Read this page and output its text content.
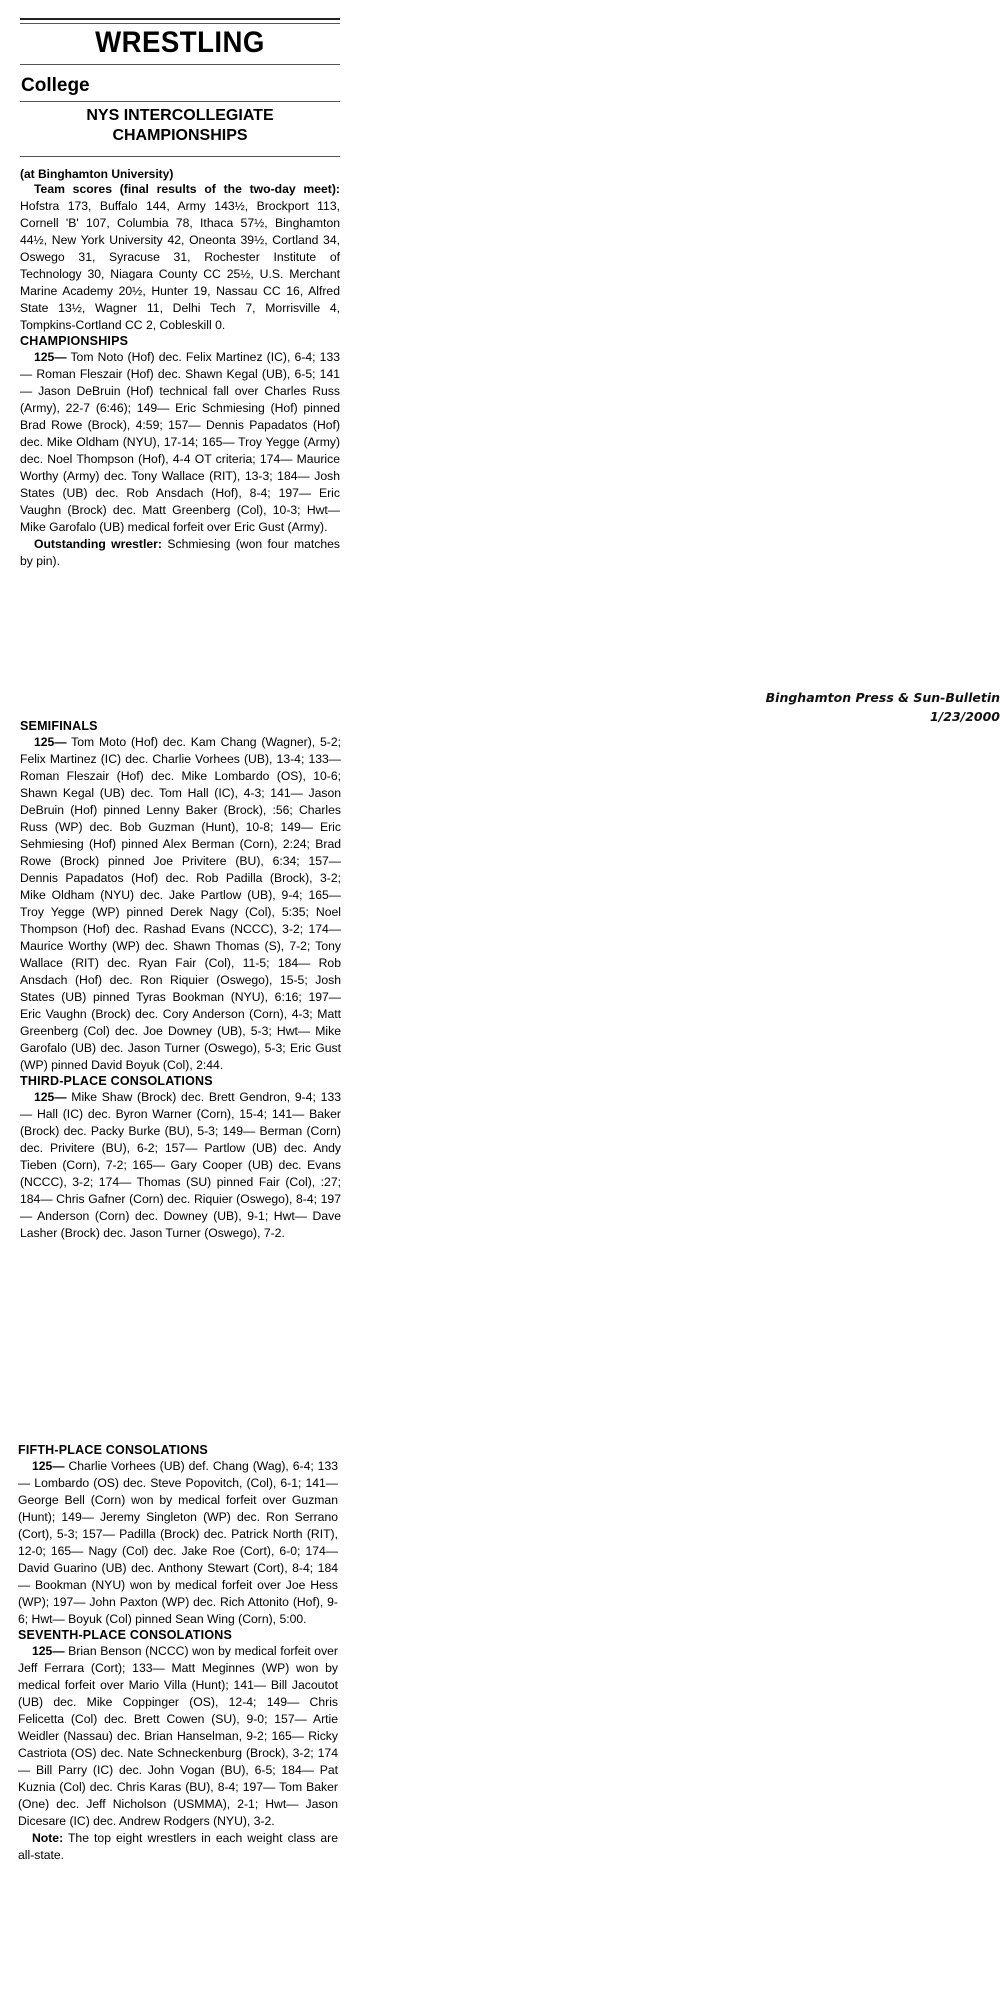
WRESTLING
College
NYS INTERCOLLEGIATE CHAMPIONSHIPS
(at Binghamton University)

Team scores (final results of the two-day meet): Hofstra 173, Buffalo 144, Army 143½, Brockport 113, Cornell 'B' 107, Columbia 78, Ithaca 57½, Binghamton 44½, New York University 42, Oneonta 39½, Cortland 34, Oswego 31, Syracuse 31, Rochester Institute of Technology 30, Niagara County CC 25½, U.S. Merchant Marine Academy 20½, Hunter 19, Nassau CC 16, Alfred State 13½, Wagner 11, Delhi Tech 7, Morrisville 4, Tompkins-Cortland CC 2, Cobleskill 0.

CHAMPIONSHIPS

125— Tom Noto (Hof) dec. Felix Martinez (IC), 6-4; 133— Roman Fleszair (Hof) dec. Shawn Kegal (UB), 6-5; 141— Jason DeBruin (Hof) technical fall over Charles Russ (Army), 22-7 (6:46); 149— Eric Schmiesing (Hof) pinned Brad Rowe (Brock), 4:59; 157— Dennis Papadatos (Hof) dec. Mike Oldham (NYU), 17-14; 165— Troy Yegge (Army) dec. Noel Thompson (Hof), 4-4 OT criteria; 174— Maurice Worthy (Army) dec. Tony Wallace (RIT), 13-3; 184— Josh States (UB) dec. Rob Ansdach (Hof), 8-4; 197— Eric Vaughn (Brock) dec. Matt Greenberg (Col), 10-3; Hwt— Mike Garofalo (UB) medical forfeit over Eric Gust (Army).

Outstanding wrestler: Schmiesing (won four matches by pin).

SEMIFINALS

125— Tom Moto (Hof) dec. Kam Chang (Wagner), 5-2; Felix Martinez (IC) dec. Charlie Vorhees (UB), 13-4; 133— Roman Fleszair (Hof) dec. Mike Lombardo (OS), 10-6; Shawn Kegal (UB) dec. Tom Hall (IC), 4-3; 141— Jason DeBruin (Hof) pinned Lenny Baker (Brock), :56; Charles Russ (WP) dec. Bob Guzman (Hunt), 10-8; 149— Eric Sehmiesing (Hof) pinned Alex Berman (Corn), 2:24; Brad Rowe (Brock) pinned Joe Privitere (BU), 6:34; 157— Dennis Papadatos (Hof) dec. Rob Padilla (Brock), 3-2; Mike Oldham (NYU) dec. Jake Partlow (UB), 9-4; 165— Troy Yegge (WP) pinned Derek Nagy (Col), 5:35; Noel Thompson (Hof) dec. Rashad Evans (NCCC), 3-2; 174— Maurice Worthy (WP) dec. Shawn Thomas (S), 7-2; Tony Wallace (RIT) dec. Ryan Fair (Col), 11-5; 184— Rob Ansdach (Hof) dec. Ron Riquier (Oswego), 15-5; Josh States (UB) pinned Tyras Bookman (NYU), 6:16; 197— Eric Vaughn (Brock) dec. Cory Anderson (Corn), 4-3; Matt Greenberg (Col) dec. Joe Downey (UB), 5-3; Hwt— Mike Garofalo (UB) dec. Jason Turner (Oswego), 5-3; Eric Gust (WP) pinned David Boyuk (Col), 2:44.

THIRD-PLACE CONSOLATIONS

125— Mike Shaw (Brock) dec. Brett Gendron, 9-4; 133— Hall (IC) dec. Byron Warner (Corn), 15-4; 141— Baker (Brock) dec. Packy Burke (BU), 5-3; 149— Berman (Corn) dec. Privitere (BU), 6-2; 157— Partlow (UB) dec. Andy Tieben (Corn), 7-2; 165— Gary Cooper (UB) dec. Evans (NCCC), 3-2; 174— Thomas (SU) pinned Fair (Col), :27; 184— Chris Gafner (Corn) dec. Riquier (Oswego), 8-4; 197— Anderson (Corn) dec. Downey (UB), 9-1; Hwt— Dave Lasher (Brock) dec. Jason Turner (Oswego), 7-2.

FIFTH-PLACE CONSOLATIONS

125— Charlie Vorhees (UB) def. Chang (Wag), 6-4; 133— Lombardo (OS) dec. Steve Popovitch, (Col), 6-1; 141— George Bell (Corn) won by medical forfeit over Guzman (Hunt); 149— Jeremy Singleton (WP) dec. Ron Serrano (Cort), 5-3; 157— Padilla (Brock) dec. Patrick North (RIT), 12-0; 165— Nagy (Col) dec. Jake Roe (Cort), 6-0; 174— David Guarino (UB) dec. Anthony Stewart (Cort), 8-4; 184— Bookman (NYU) won by medical forfeit over Joe Hess (WP); 197— John Paxton (WP) dec. Rich Attonito (Hof), 9-6; Hwt— Boyuk (Col) pinned Sean Wing (Corn), 5:00.

SEVENTH-PLACE CONSOLATIONS

125— Brian Benson (NCCC) won by medical forfeit over Jeff Ferrara (Cort); 133— Matt Meginnes (WP) won by medical forfeit over Mario Villa (Hunt); 141— Bill Jacoutot (UB) dec. Mike Coppinger (OS), 12-4; 149— Chris Felicetta (Col) dec. Brett Cowen (SU), 9-0; 157— Artie Weidler (Nassau) dec. Brian Hanselman, 9-2; 165— Ricky Castriota (OS) dec. Nate Schneckenburg (Brock), 3-2; 174— Bill Parry (IC) dec. John Vogan (BU), 6-5; 184— Pat Kuznia (Col) dec. Chris Karas (BU), 8-4; 197— Tom Baker (One) dec. Jeff Nicholson (USMMA), 2-1; Hwt— Jason Dicesare (IC) dec. Andrew Rodgers (NYU), 3-2.

Note: The top eight wrestlers in each weight class are all-state.

Binghamton Press & Sun-Bulletin
1/23/2000
